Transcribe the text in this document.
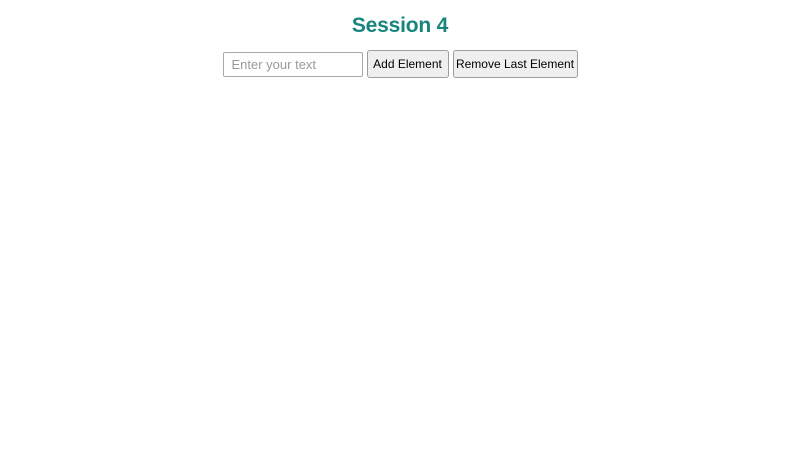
Session 4
Enter your text
Add Element	Remove Last Element
